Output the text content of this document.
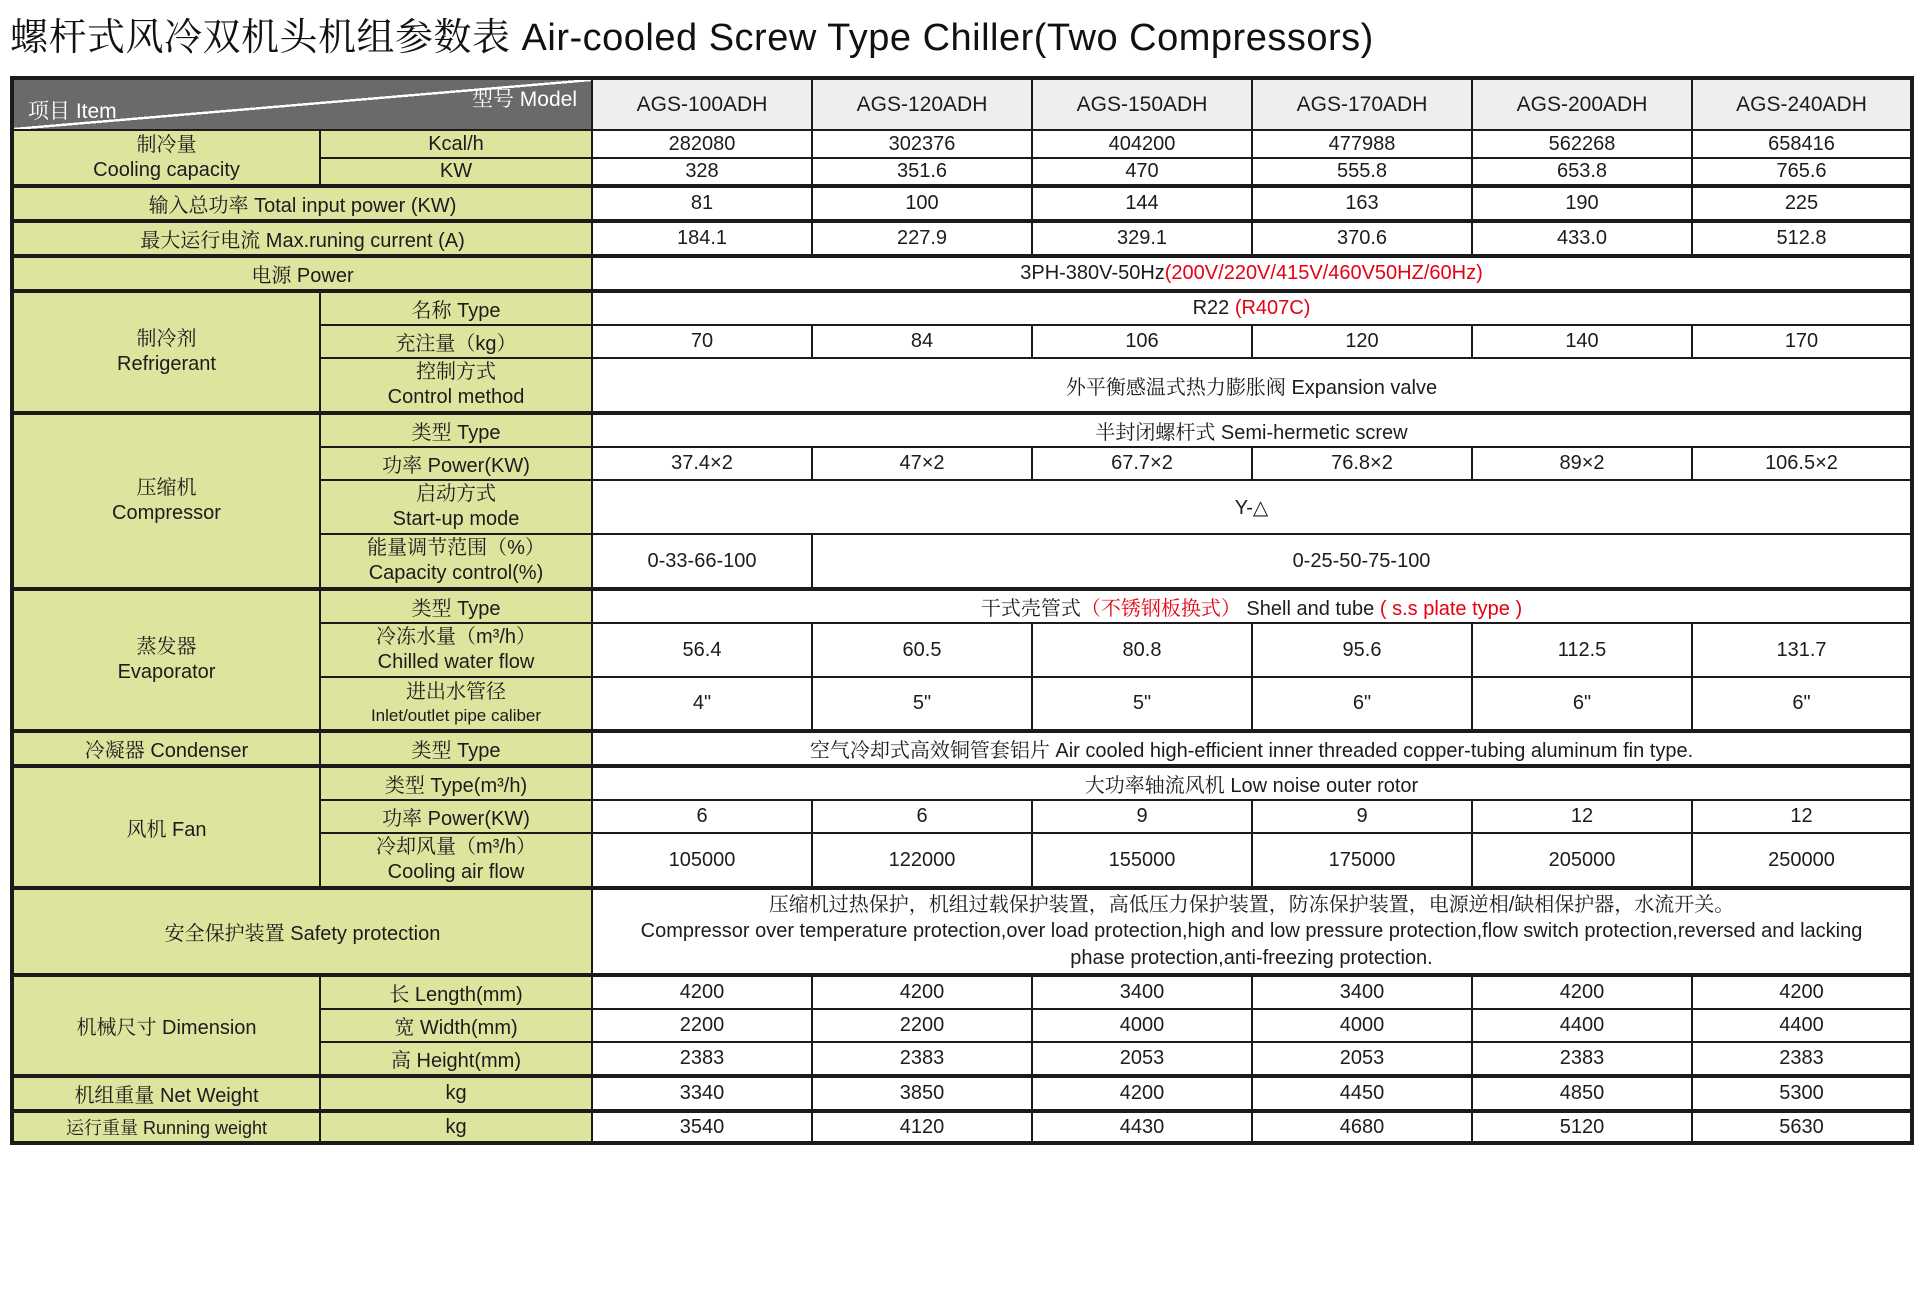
螺杆式风冷双机头机组参数表 Air-cooled Screw Type Chiller(Two Compressors)
型号 Model
项目 Item		AGS-100ADH	AGS-120ADH	AGS-150ADH	AGS-170ADH	AGS-200ADH	AGS-240ADH

制冷量
Cooling capacity	Kcal/h	282080	302376	404200	477988	562268	658416
	KW	328	351.6	470	555.8	653.8	765.6
输入总功率 Total input power (KW)		81	100	144	163	190	225
最大运行电流 Max.runing current (A)		184.1	227.9	329.1	370.6	433.0	512.8
电源 Power		3PH-380V-50Hz(200V/220V/415V/460V50HZ/60Hz)					

制冷剂
Refrigerant	名称 Type	R22 (R407C)					
	充注量（kg）	70	84	106	120	140	170

	控制方式
Control method	外平衡感温式热力膨胀阀 Expansion valve					

压缩机
Compressor	类型 Type	半封闭螺杆式 Semi-hermetic screw					
	功率 Power(KW)	37.4×2	47×2	67.7×2	76.8×2	89×2	106.5×2

	启动方式
Start-up mode	Y-△					

	能量调节范围（%）
Capacity control(%)	0-33-66-100	0-25-50-75-100				

蒸发器
Evaporator	类型 Type	干式壳管式（不锈钢板换式） Shell and tube ( s.s plate type )					

	冷冻水量（m³/h）
Chilled water flow	56.4	60.5	80.8	95.6	112.5	131.7

	进出水管径
Inlet/outlet pipe caliber	4"	5"	5"	6"	6"	6"
冷凝器 Condenser	类型 Type	空气冷却式高效铜管套铝片 Air cooled high-efficient inner threaded copper-tubing aluminum fin type.					
风机 Fan	类型 Type(m³/h)	大功率轴流风机 Low noise outer rotor					
	功率 Power(KW)	6	6	9	9	12	12

	冷却风量（m³/h）
Cooling air flow	105000	122000	155000	175000	205000	250000
安全保护装置 Safety protection		压缩机过热保护，机组过载保护装置，高低压力保护装置，防冻保护装置，电源逆相/缺相保护器，水流开关。
Compressor over temperature protection,over load protection,high and low pressure protection,flow switch protection,reversed and lacking phase protection,anti-freezing protection.					

机械尺寸 Dimension	长 Length(mm)	4200	4200	3400	3400	4200	4200
	宽 Width(mm)	2200	2200	4000	4000	4400	4400
	高 Height(mm)	2383	2383	2053	2053	2383	2383
机组重量 Net Weight	kg	3340	3850	4200	4450	4850	5300
运行重量 Running weight	kg	3540	4120	4430	4680	5120	5630
